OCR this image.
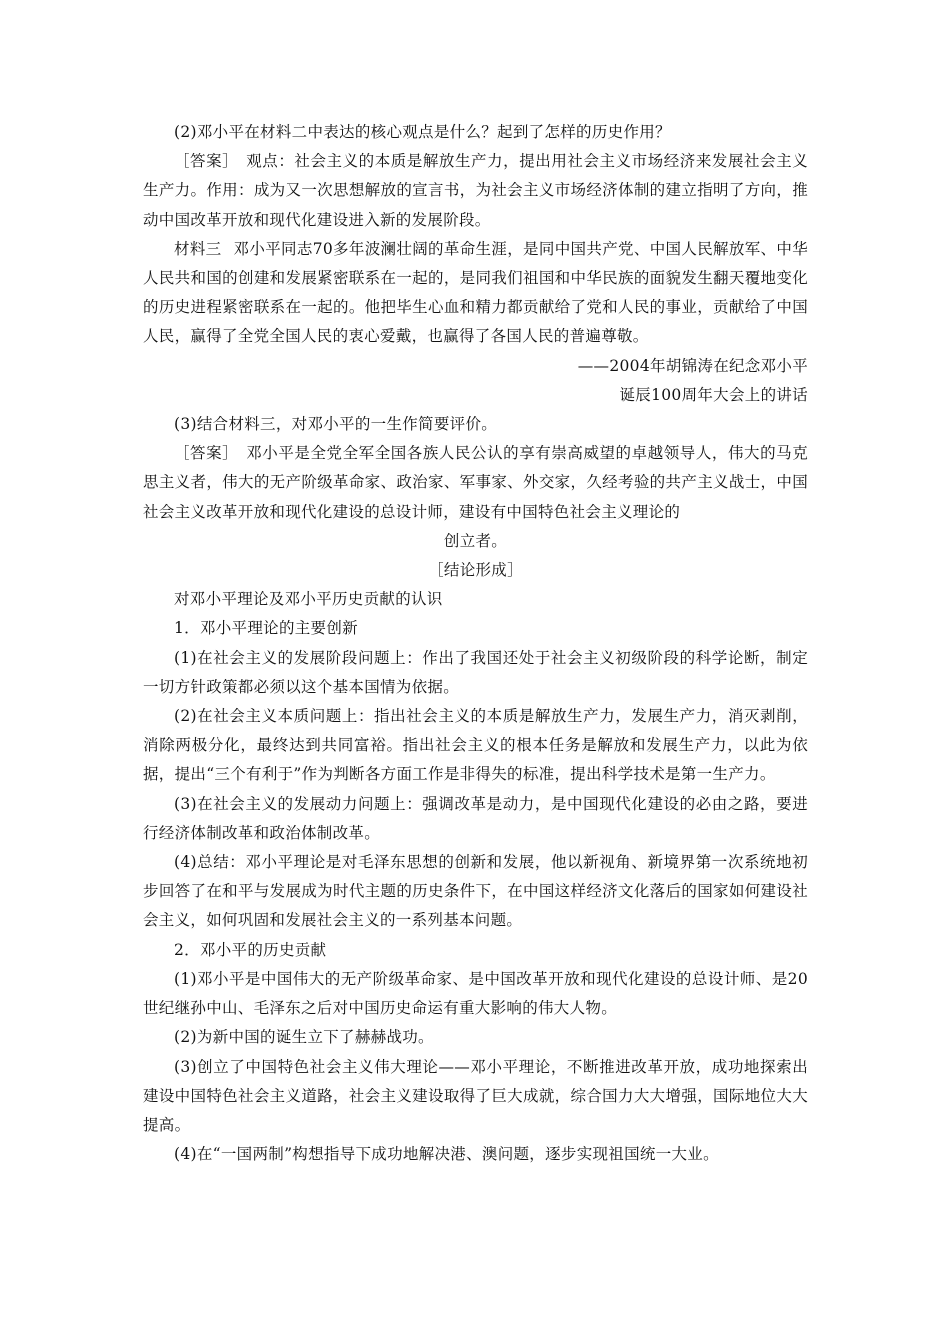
(2)邓小平在材料二中表达的核心观点是什么？起到了怎样的历史作用？

［答案］ 观点：社会主义的本质是解放生产力，提出用社会主义市场经济来发展社会主义生产力。作用：成为又一次思想解放的宣言书，为社会主义市场经济体制的建立指明了方向，推动中国改革开放和现代化建设进入新的发展阶段。

材料三 邓小平同志70多年波澜壮阔的革命生涯，是同中国共产党、中国人民解放军、中华人民共和国的创建和发展紧密联系在一起的，是同我们祖国和中华民族的面貌发生翻天覆地变化的历史进程紧密联系在一起的。他把毕生心血和精力都贡献给了党和人民的事业，贡献给了中国人民，赢得了全党全国人民的衷心爱戴，也赢得了各国人民的普遍尊敬。

——2004年胡锦涛在纪念邓小平

诞辰100周年大会上的讲话

(3)结合材料三，对邓小平的一生作简要评价。

［答案］ 邓小平是全党全军全国各族人民公认的享有崇高威望的卓越领导人，伟大的马克思主义者，伟大的无产阶级革命家、政治家、军事家、外交家，久经考验的共产主义战士，中国社会主义改革开放和现代化建设的总设计师，建设有中国特色社会主义理论的

创立者。

［结论形成］

对邓小平理论及邓小平历史贡献的认识

1．邓小平理论的主要创新

(1)在社会主义的发展阶段问题上：作出了我国还处于社会主义初级阶段的科学论断，制定一切方针政策都必须以这个基本国情为依据。

(2)在社会主义本质问题上：指出社会主义的本质是解放生产力，发展生产力，消灭剥削，消除两极分化，最终达到共同富裕。指出社会主义的根本任务是解放和发展生产力，以此为依据，提出“三个有利于”作为判断各方面工作是非得失的标准，提出科学技术是第一生产力。

(3)在社会主义的发展动力问题上：强调改革是动力，是中国现代化建设的必由之路，要进行经济体制改革和政治体制改革。

(4)总结：邓小平理论是对毛泽东思想的创新和发展，他以新视角、新境界第一次系统地初步回答了在和平与发展成为时代主题的历史条件下，在中国这样经济文化落后的国家如何建设社会主义，如何巩固和发展社会主义的一系列基本问题。

2．邓小平的历史贡献

(1)邓小平是中国伟大的无产阶级革命家、是中国改革开放和现代化建设的总设计师、是20世纪继孙中山、毛泽东之后对中国历史命运有重大影响的伟大人物。

(2)为新中国的诞生立下了赫赫战功。

(3)创立了中国特色社会主义伟大理论——邓小平理论，不断推进改革开放，成功地探索出建设中国特色社会主义道路，社会主义建设取得了巨大成就，综合国力大大增强，国际地位大大提高。

(4)在“一国两制”构想指导下成功地解决港、澳问题，逐步实现祖国统一大业。
